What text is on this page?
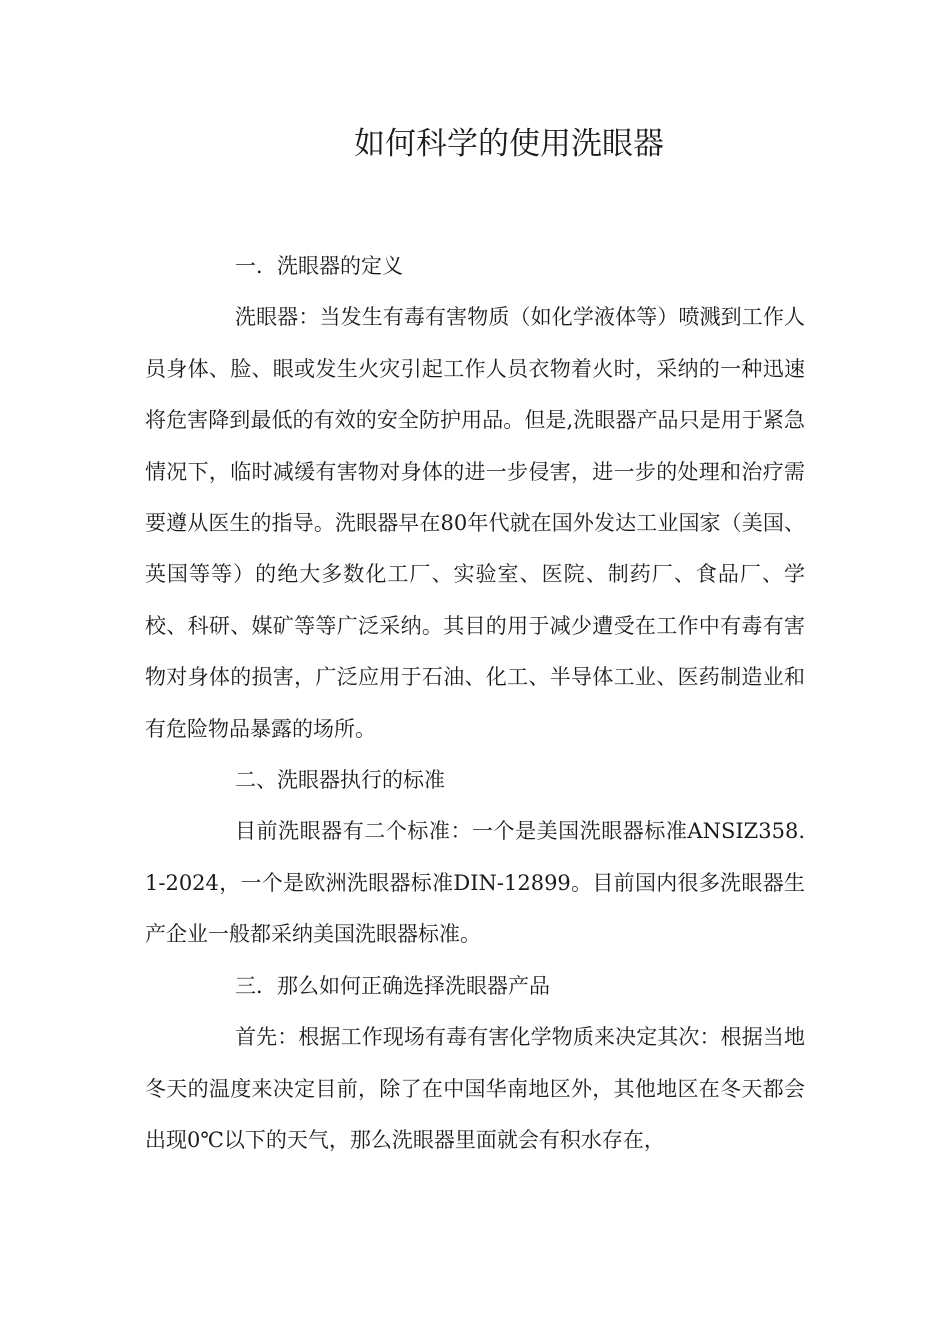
如何科学的使用洗眼器

一．洗眼器的定义

洗眼器：当发生有毒有害物质（如化学液体等）喷溅到工作人员身体、脸、眼或发生火灾引起工作人员衣物着火时，采纳的一种迅速将危害降到最低的有效的安全防护用品。但是,洗眼器产品只是用于紧急情况下，临时减缓有害物对身体的进一步侵害，进一步的处理和治疗需要遵从医生的指导。洗眼器早在80年代就在国外发达工业国家（美国、英国等等）的绝大多数化工厂、实验室、医院、制药厂、食品厂、学校、科研、媒矿等等广泛采纳。其目的用于减少遭受在工作中有毒有害物对身体的损害，广泛应用于石油、化工、半导体工业、医药制造业和有危险物品暴露的场所。

二、洗眼器执行的标准

目前洗眼器有二个标准：一个是美国洗眼器标准ANSIZ358.1-2024，一个是欧洲洗眼器标准DIN-12899。目前国内很多洗眼器生产企业一般都采纳美国洗眼器标准。

三．那么如何正确选择洗眼器产品

首先：根据工作现场有毒有害化学物质来决定其次：根据当地冬天的温度来决定目前，除了在中国华南地区外，其他地区在冬天都会出现0℃以下的天气，那么洗眼器里面就会有积水存在，
